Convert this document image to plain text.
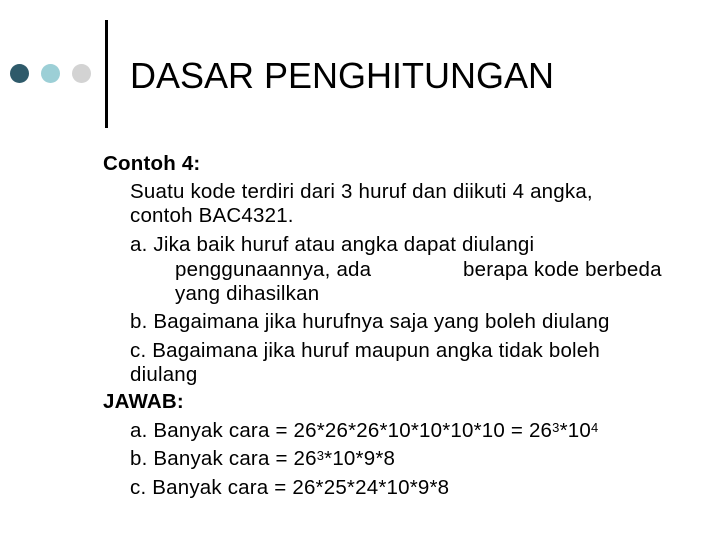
DASAR PENGHITUNGAN
Contoh 4:
Suatu kode terdiri dari 3 huruf dan diikuti 4 angka,
contoh BAC4321.
a. Jika baik huruf atau angka dapat diulangi
penggunaannya, ada	berapa kode berbeda
yang dihasilkan
b. Bagaimana jika hurufnya saja yang boleh diulang
c. Bagaimana jika huruf maupun angka tidak boleh
diulang
JAWAB:
a. Banyak cara = $26*26*26*10*10*10*10 = 26^3*10^4$
b. Banyak cara = $26^3*10*9*8$
c. Banyak cara = 26*25*24*10*9*8
